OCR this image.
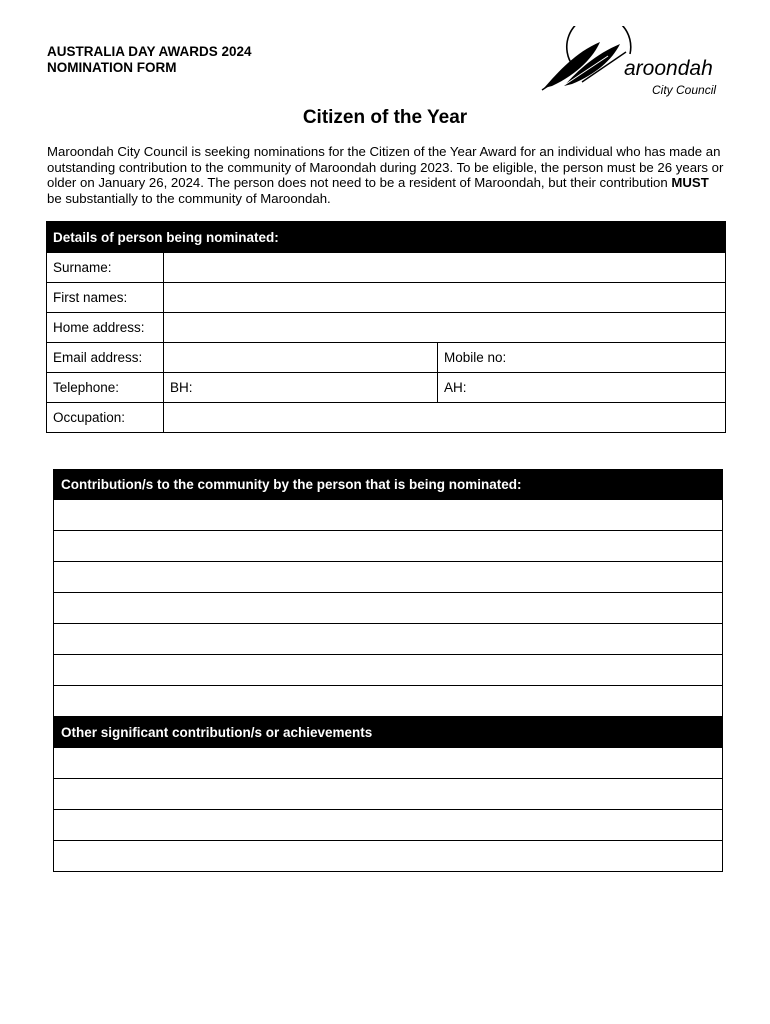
AUSTRALIA DAY AWARDS 2024
NOMINATION FORM	aroondah
City Council
Citizen of the Year
Maroondah City Council is seeking nominations for the Citizen of the Year Award for an individual who has made an outstanding contribution to the community of Maroondah during 2023. To be eligible, the person must be 26 years or older on January 26, 2024. The person does not need to be a resident of Maroondah, but their contribution MUST be substantially to the community of Maroondah.
Details of person being nominated:		
Surname:		
First names:		
Home address:		
Email address:		Mobile no:
Telephone:	BH:	AH:
Occupation:		
Contribution/s to the community by the person that is being nominated:
Other significant contribution/s or achievements
